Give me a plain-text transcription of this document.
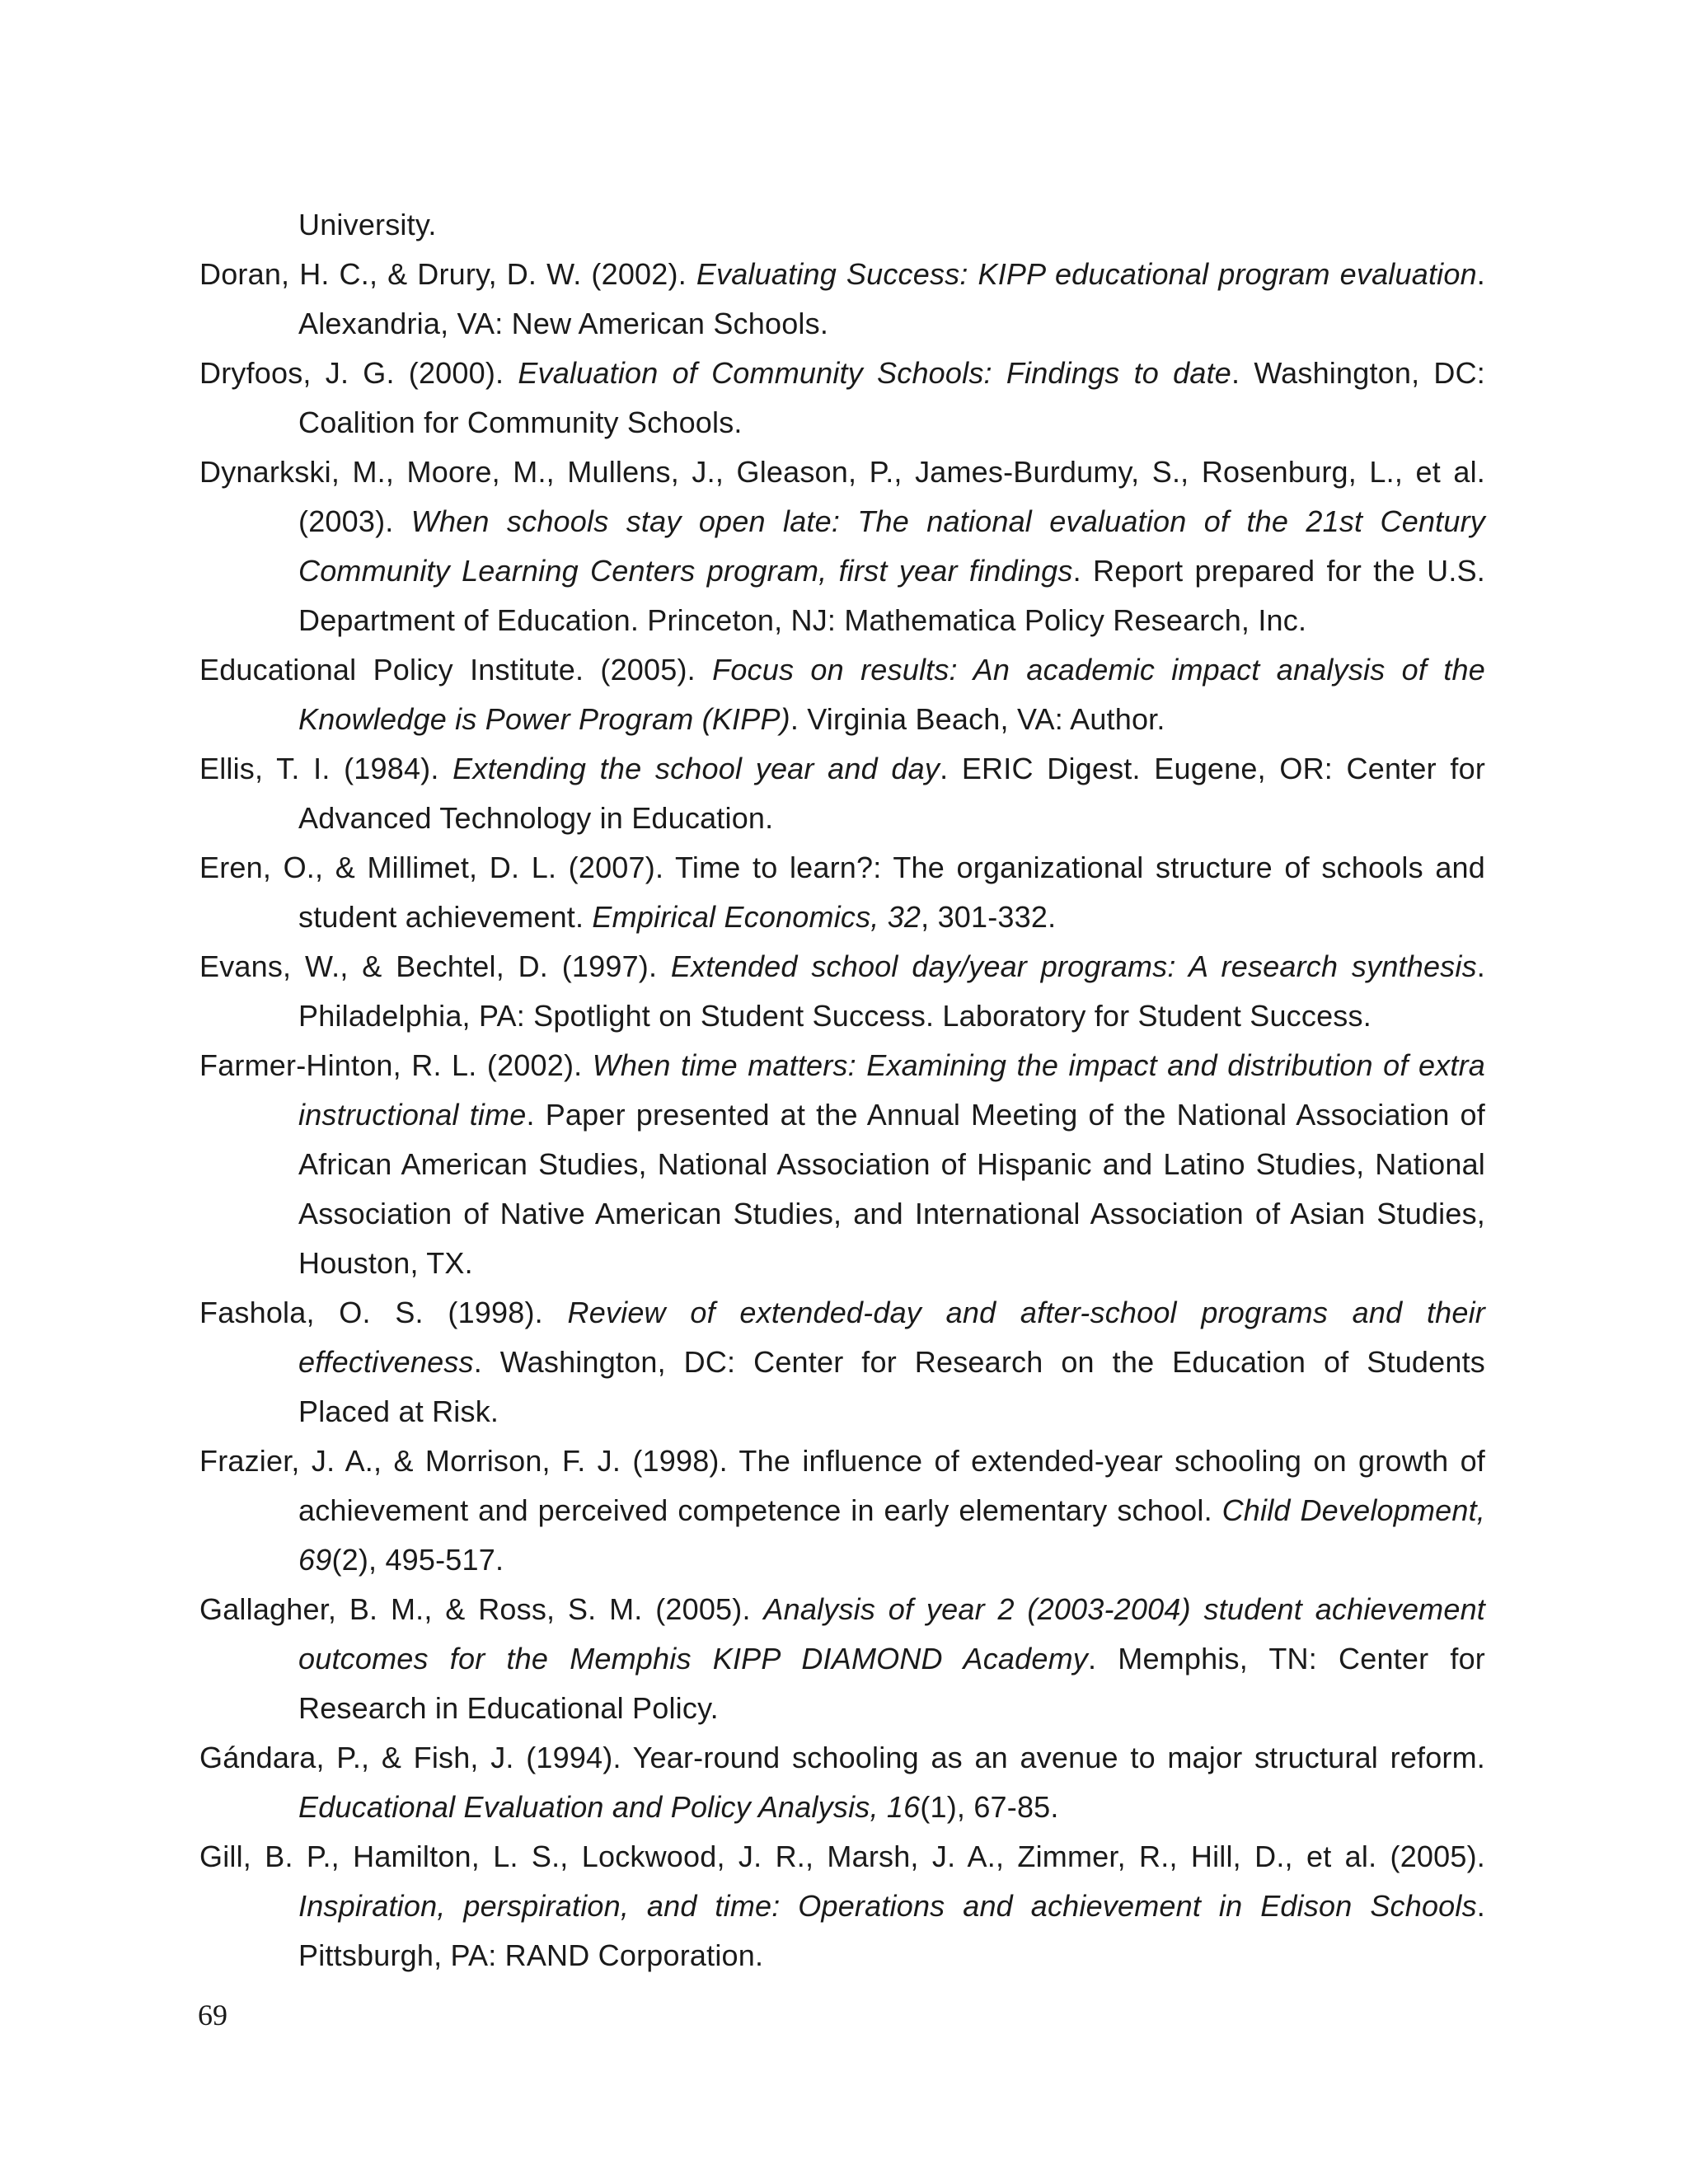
University.

Doran, H. C., & Drury, D. W. (2002). Evaluating Success: KIPP educational program evaluation. Alexandria, VA: New American Schools.

Dryfoos, J. G. (2000). Evaluation of Community Schools: Findings to date. Washington, DC: Coalition for Community Schools.

Dynarkski, M., Moore, M., Mullens, J., Gleason, P., James-Burdumy, S., Rosenburg, L., et al. (2003). When schools stay open late: The national evaluation of the 21st Century Community Learning Centers program, first year findings. Report prepared for the U.S. Department of Education. Princeton, NJ: Mathematica Policy Research, Inc.

Educational Policy Institute. (2005). Focus on results: An academic impact analysis of the Knowledge is Power Program (KIPP). Virginia Beach, VA: Author.

Ellis, T. I. (1984). Extending the school year and day. ERIC Digest. Eugene, OR: Center for Advanced Technology in Education.

Eren, O., & Millimet, D. L. (2007). Time to learn?: The organizational structure of schools and student achievement. Empirical Economics, 32, 301-332.

Evans, W., & Bechtel, D. (1997). Extended school day/year programs: A research synthesis. Philadelphia, PA: Spotlight on Student Success. Laboratory for Student Success.

Farmer-Hinton, R. L. (2002). When time matters: Examining the impact and distribution of extra instructional time. Paper presented at the Annual Meeting of the National Association of African American Studies, National Association of Hispanic and Latino Studies, National Association of Native American Studies, and International Association of Asian Studies, Houston, TX.

Fashola, O. S. (1998). Review of extended-day and after-school programs and their effectiveness. Washington, DC: Center for Research on the Education of Students Placed at Risk.

Frazier, J. A., & Morrison, F. J. (1998). The influence of extended-year schooling on growth of achievement and perceived competence in early elementary school. Child Development, 69(2), 495-517.

Gallagher, B. M., & Ross, S. M. (2005). Analysis of year 2 (2003-2004) student achievement outcomes for the Memphis KIPP DIAMOND Academy. Memphis, TN: Center for Research in Educational Policy.

Gándara, P., & Fish, J. (1994). Year-round schooling as an avenue to major structural reform. Educational Evaluation and Policy Analysis, 16(1), 67-85.

Gill, B. P., Hamilton, L. S., Lockwood, J. R., Marsh, J. A., Zimmer, R., Hill, D., et al. (2005). Inspiration, perspiration, and time: Operations and achievement in Edison Schools. Pittsburgh, PA: RAND Corporation.

69
